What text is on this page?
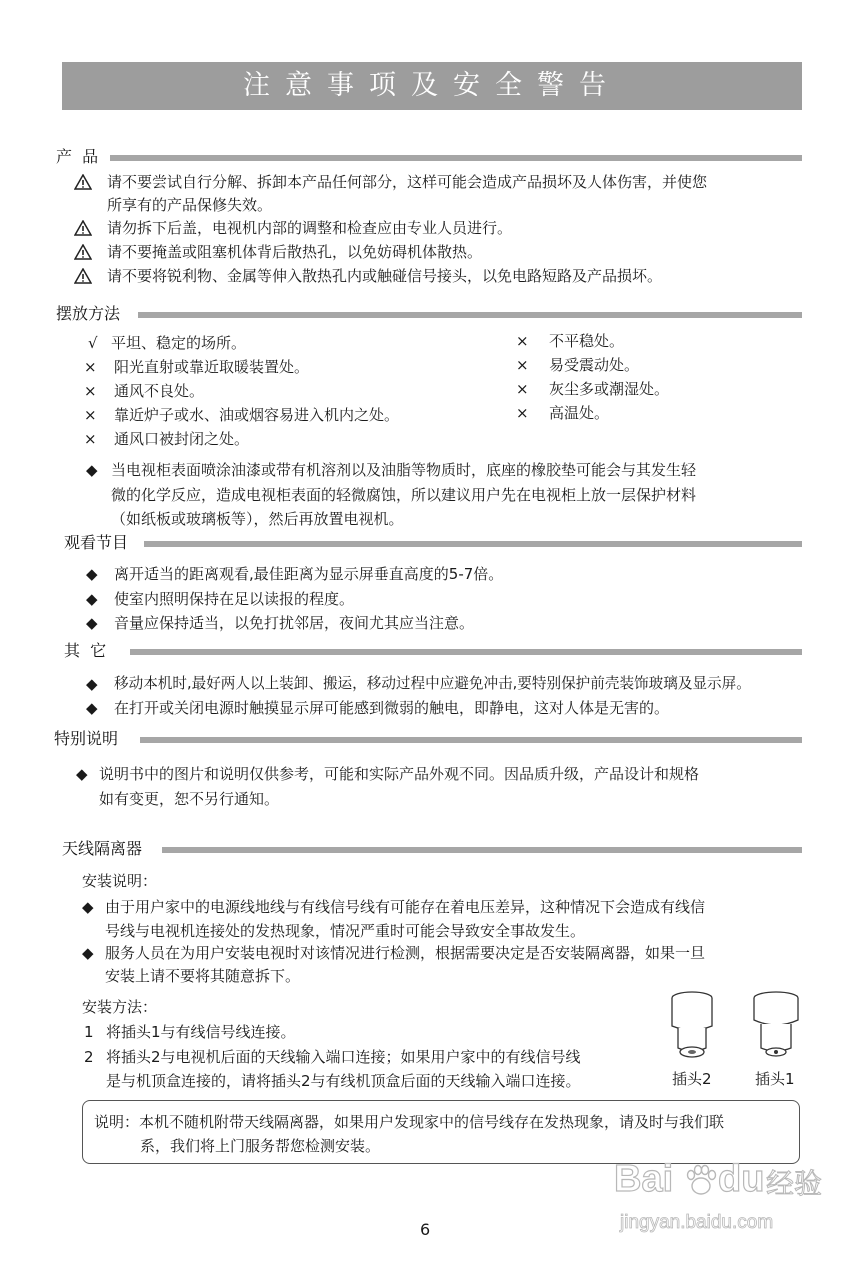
注意事项及安全警告
产  品
请不要尝试自行分解、拆卸本产品任何部分，这样可能会造成产品损坏及人体伤害，并使您
所享有的产品保修失效。
请勿拆下后盖，电视机内部的调整和检查应由专业人员进行。
请不要掩盖或阻塞机体背后散热孔，以免妨碍机体散热。
请不要将锐利物、金属等伸入散热孔内或触碰信号接头，以免电路短路及产品损坏。
摆放方法
√ 平坦、稳定的场所。
× 阳光直射或靠近取暖装置处。
× 通风不良处。
× 靠近炉子或水、油或烟容易进入机内之处。
× 通风口被封闭之处。
× 不平稳处。
× 易受震动处。
× 灰尘多或潮湿处。
× 高温处。
◆ 当电视柜表面喷涂油漆或带有机溶剂以及油脂等物质时，底座的橡胶垫可能会与其发生轻
微的化学反应，造成电视柜表面的轻微腐蚀，所以建议用户先在电视柜上放一层保护材料
（如纸板或玻璃板等），然后再放置电视机。
观看节目
◆ 离开适当的距离观看,最佳距离为显示屏垂直高度的5-7倍。
◆ 使室内照明保持在足以读报的程度。
◆ 音量应保持适当，以免打扰邻居，夜间尤其应当注意。
其  它
◆ 移动本机时,最好两人以上装卸、搬运，移动过程中应避免冲击,要特别保护前壳装饰玻璃及显示屏。
◆ 在打开或关闭电源时触摸显示屏可能感到微弱的触电，即静电，这对人体是无害的。
特别说明
◆ 说明书中的图片和说明仅供参考，可能和实际产品外观不同。因品质升级，产品设计和规格
如有变更，恕不另行通知。
天线隔离器
安装说明：
◆ 由于用户家中的电源线地线与有线信号线有可能存在着电压差异，这种情况下会造成有线信
号线与电视机连接处的发热现象，情况严重时可能会导致安全事故发生。
◆ 服务人员在为用户安装电视时对该情况进行检测，根据需要决定是否安装隔离器，如果一旦
安装上请不要将其随意拆下。
安装方法：
1 将插头1与有线信号线连接。
2 将插头2与电视机后面的天线输入端口连接；如果用户家中的有线信号线
是与机顶盒连接的，请将插头2与有线机顶盒后面的天线输入端口连接。	插头2	插头1
说明：本机不随机附带天线隔离器，如果用户发现家中的信号线存在发热现象，请及时与我们联
系，我们将上门服务帮您检测安装。
6
Bai du 经验
jingyan.baidu.com
